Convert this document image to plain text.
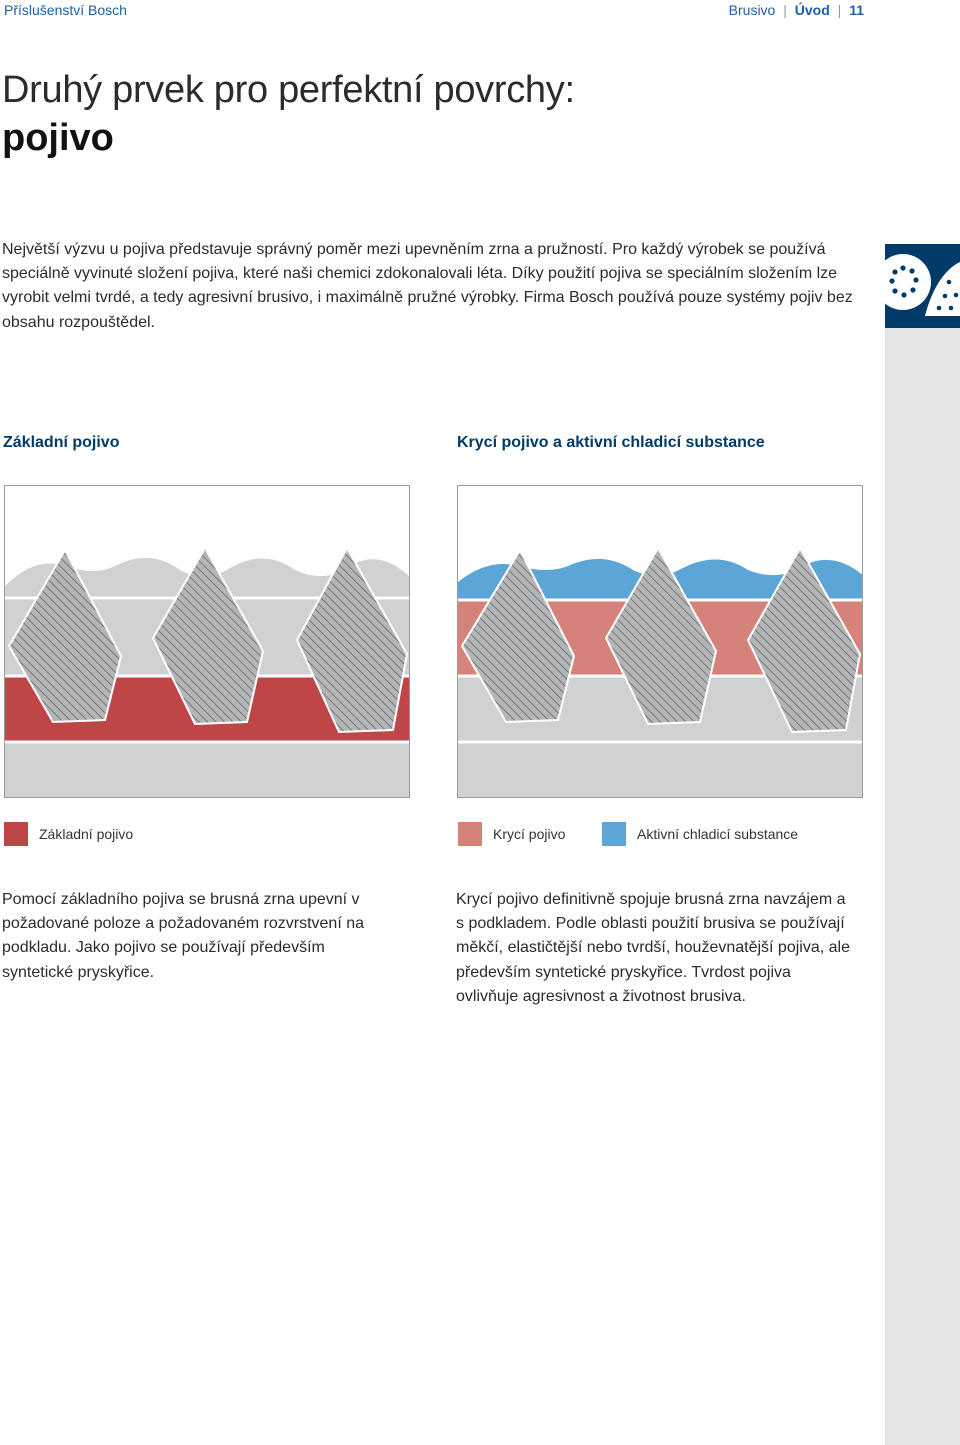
Příslušenství Bosch	Brusivo | Úvod | 11
Druhý prvek pro perfektní povrchy:
pojivo

Největší výzvu u pojiva představuje správný poměr mezi upevněním zrna a pružností. Pro každý výrobek se používá speciálně vyvinuté složení pojiva, které naši chemici zdokonalovali léta. Díky použití pojiva se speciálním složením lze vyrobit velmi tvrdé, a tedy agresivní brusivo, i maximálně pružné výrobky. Firma Bosch používá pouze systémy pojiv bez obsahu rozpouštědel.

Základní pojivo	Krycí pojivo a aktivní chladicí substance
Základní pojivo	Krycí pojivo	Aktivní chladicí substance

Pomocí základního pojiva se brusná zrna upevní v požadované poloze a požadovaném rozvrstvení na podkladu. Jako pojivo se používají především syntetické pryskyřice.

Krycí pojivo definitivně spojuje brusná zrna navzájem a s podkladem. Podle oblasti použití brusiva se používají měkčí, elastičtější nebo tvrdší, houževnatější pojiva, ale především syntetické pryskyřice. Tvrdost pojiva ovlivňuje agresivnost a životnost brusiva.
